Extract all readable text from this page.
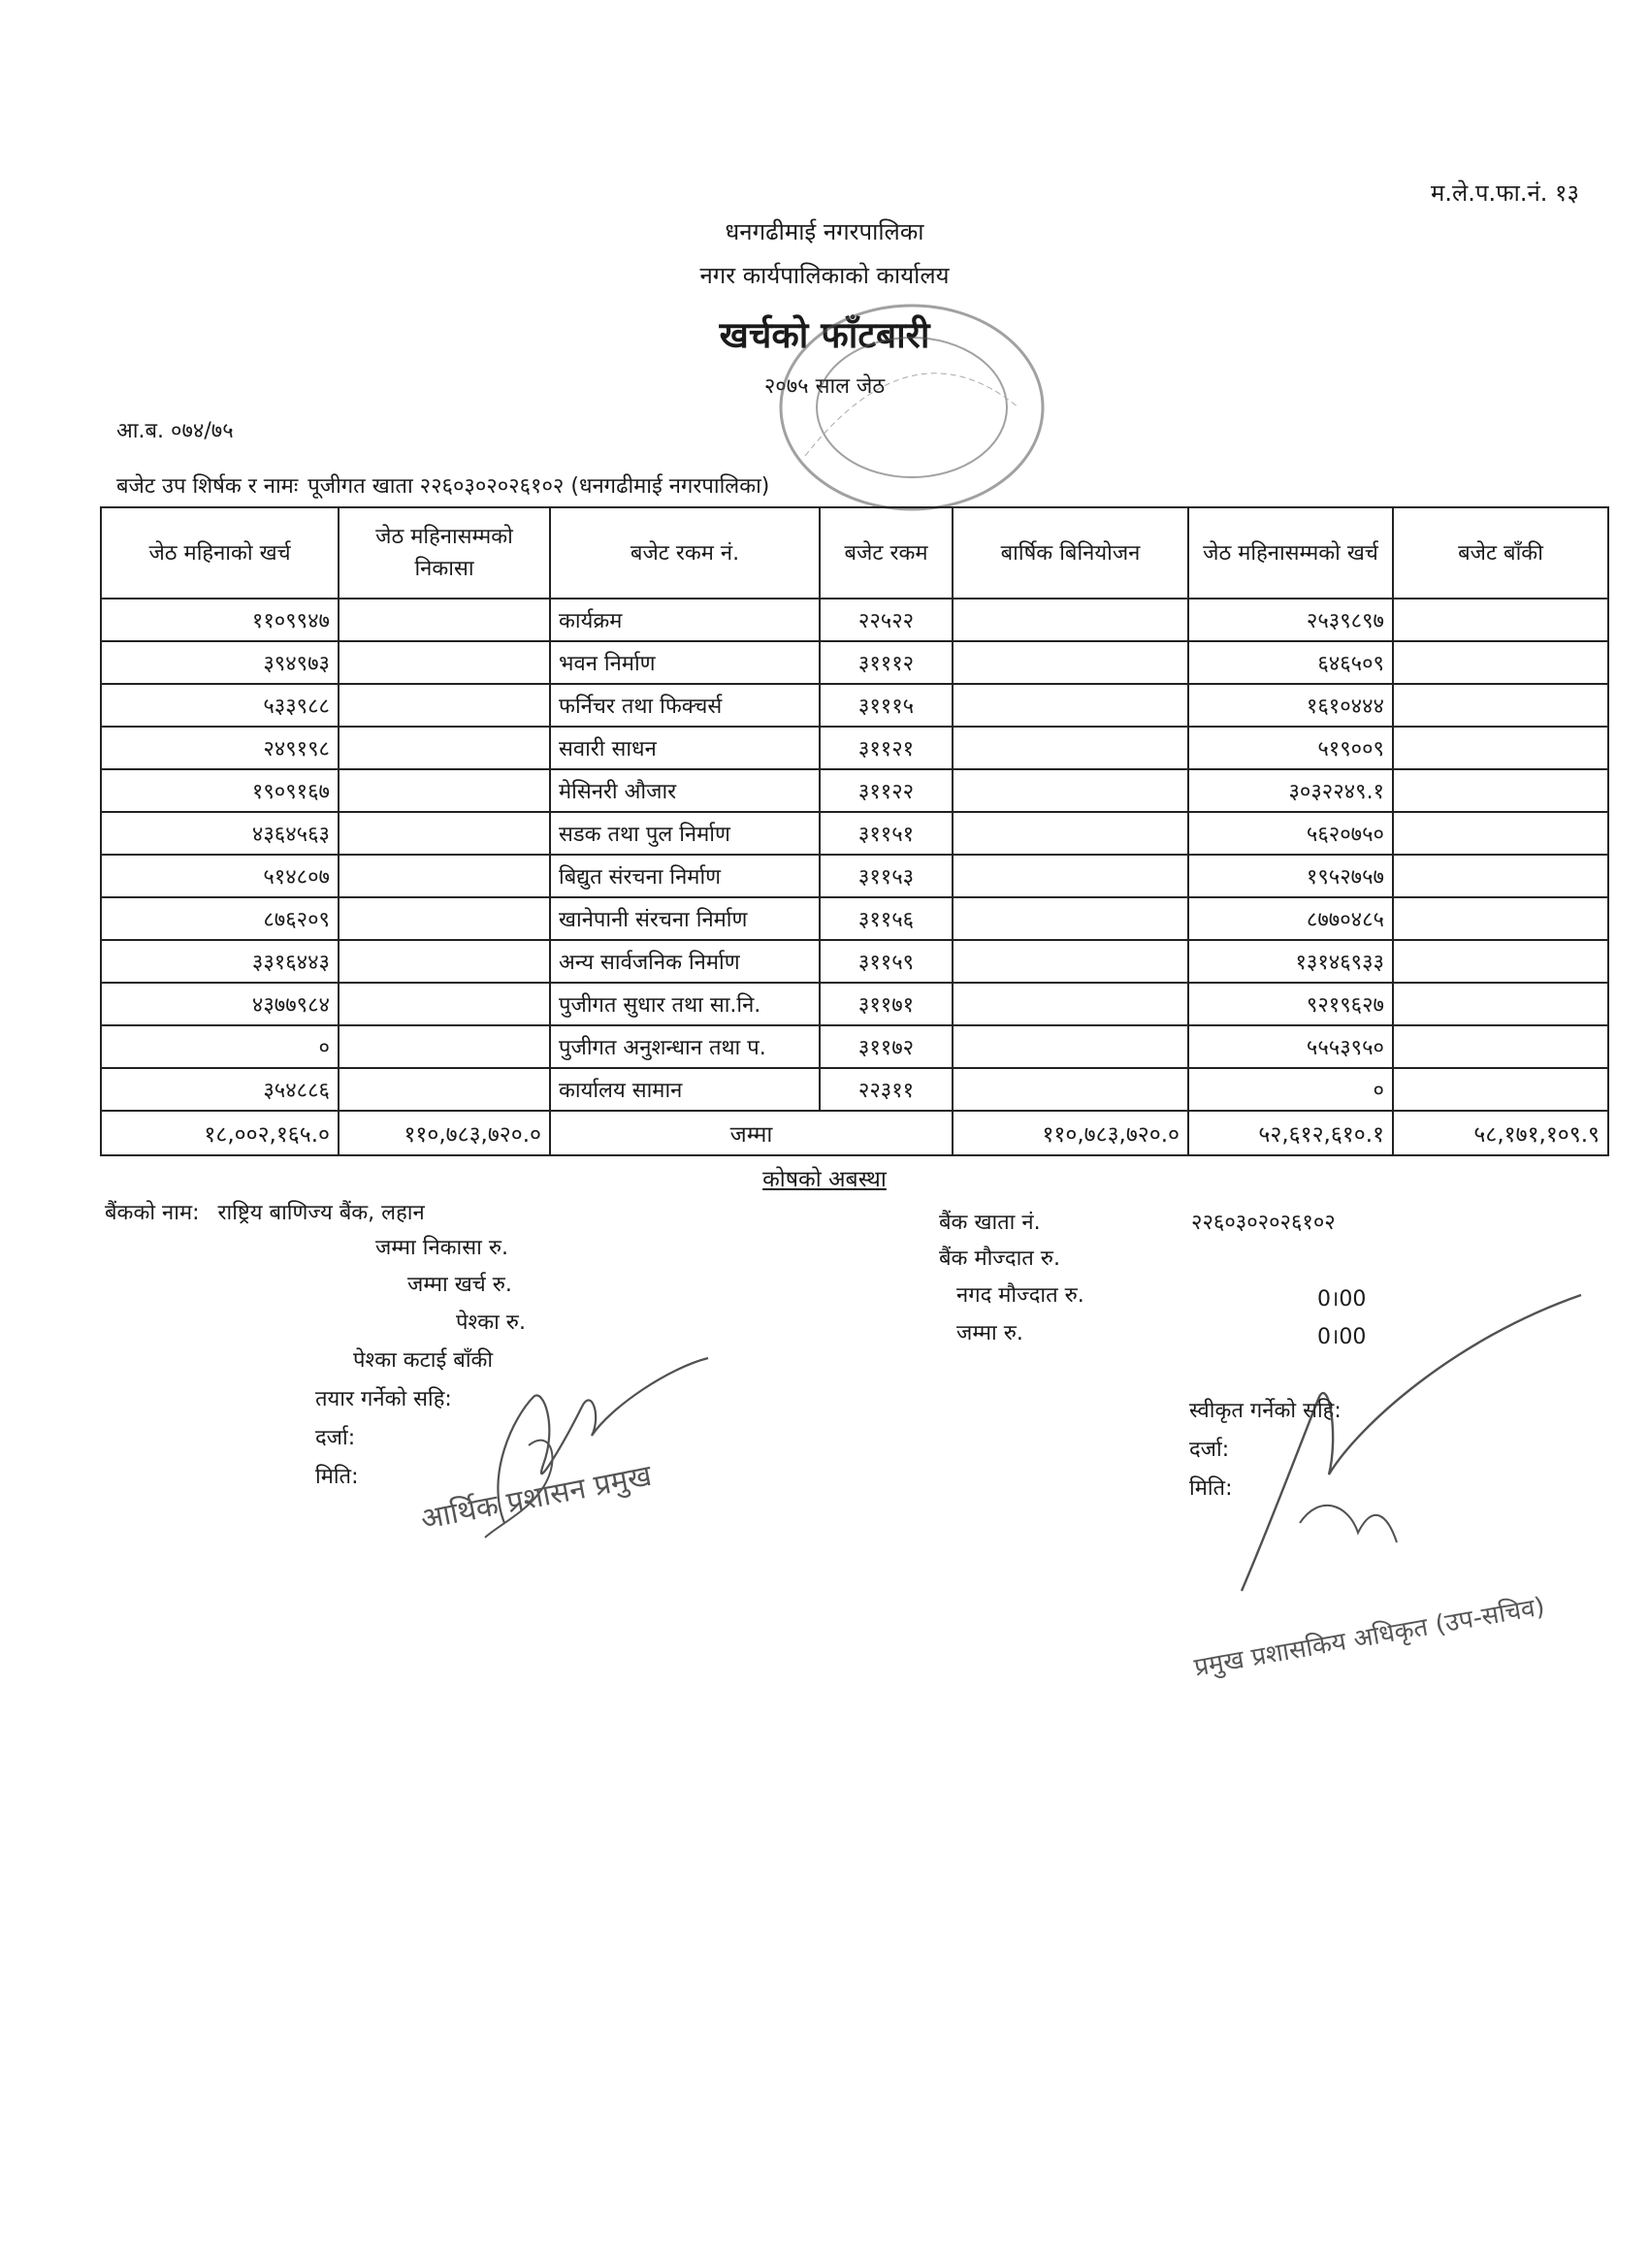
म.ले.प.फा.नं. १३
धनगढीमाई नगरपालिका
नगर कार्यपालिकाको कार्यालय
खर्चको फाँटबारी
२०७५ साल जेठ
आ.ब. ०७४/७५
बजेट उप शिर्षक र नामः पूजीगत खाता २२६०३०२०२६१०२ (धनगढीमाई नगरपालिका)
जेठ महिनाको खर्च	जेठ महिनासम्मको निकासा	बजेट रकम नं.	बजेट रकम	बार्षिक बिनियोजन	जेठ महिनासम्मको खर्च	बजेट बाँकी
११०९९४७		कार्यक्रम	२२५२२		२५३९८९७	
३९४९७३		भवन निर्माण	३१११२		६४६५०९	
५३३९८८		फर्निचर तथा फिक्चर्स	३१११५		१६१०४४४	
२४९१९८		सवारी साधन	३११२१		५१९००९	
१९०९१६७		मेसिनरी औजार	३११२२		३०३२२४९.१	
४३६४५६३		सडक तथा पुल निर्माण	३११५१		५६२०७५०	
५१४८०७		बिद्युत संरचना निर्माण	३११५३		१९५२७५७	
८७६२०९		खानेपानी संरचना निर्माण	३११५६		८७७०४८५	
३३१६४४३		अन्य सार्वजनिक निर्माण	३११५९		१३१४६९३३	
४३७७९८४		पुजीगत सुधार तथा सा.नि.	३११७१		९२१९६२७	
०		पुजीगत अनुशन्धान तथा प.	३११७२		५५५३९५०	
३५४८८६		कार्यालय सामान	२२३११		०	
१८,००२,१६५.०	११०,७८३,७२०.०	जम्मा		११०,७८३,७२०.०	५२,६१२,६१०.१	५८,१७१,१०९.९
कोषको अबस्था
बैंकको नाम: राष्ट्रिय बाणिज्य बैंक, लहान
जम्मा निकासा रु.
जम्मा खर्च रु.
पेश्का रु.
पेश्का कटाई बाँकी
बैंक खाता नं.	२२६०३०२०२६१०२
बैंक मौज्दात रु.
नगद मौज्दात रु.	0।00
जम्मा रु.	0।00
तयार गर्नेको सहि:
दर्जा:
मिति:
स्वीकृत गर्नेको सहि:
दर्जा:
मिति:
आर्थिक प्रशासन प्रमुख
प्रमुख प्रशासकिय अधिकृत (उप-सचिव)
